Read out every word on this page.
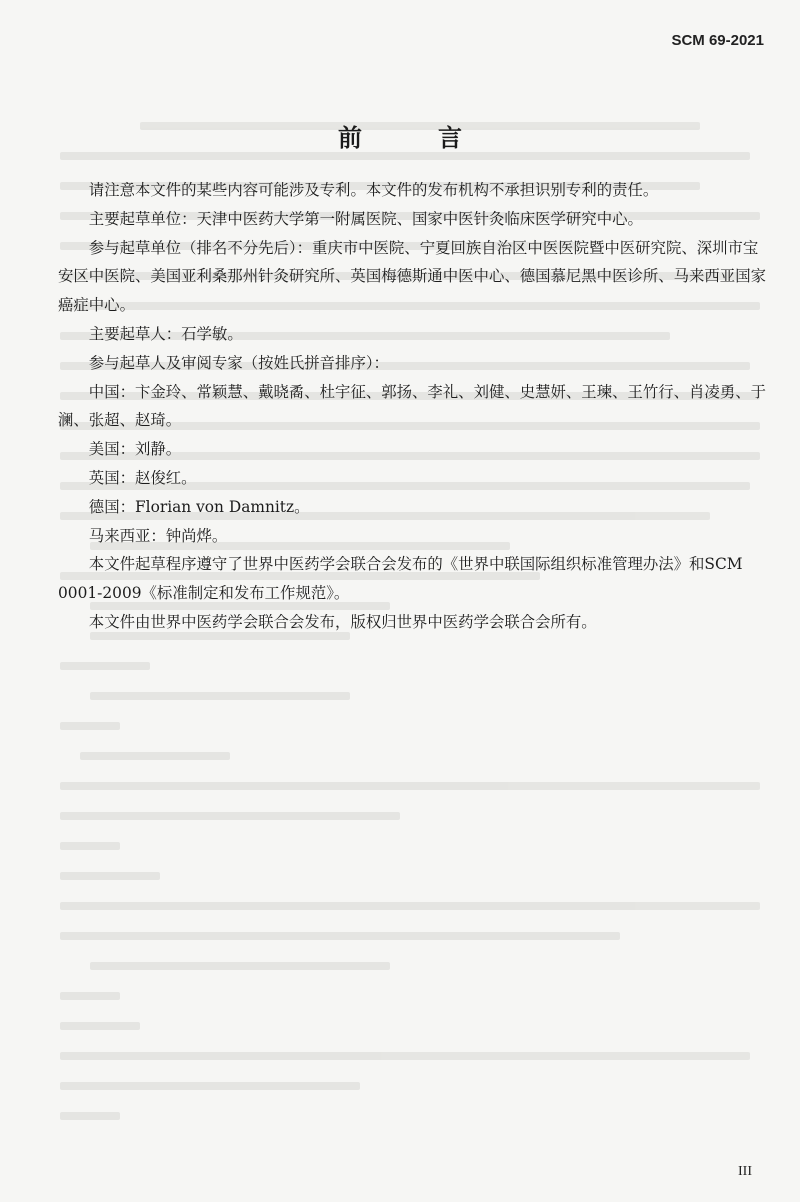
SCM 69-2021
前　言

请注意本文件的某些内容可能涉及专利。本文件的发布机构不承担识别专利的责任。

主要起草单位：天津中医药大学第一附属医院、国家中医针灸临床医学研究中心。

参与起草单位（排名不分先后）：重庆市中医院、宁夏回族自治区中医医院暨中医研究院、深圳市宝安区中医院、美国亚利桑那州针灸研究所、英国梅德斯通中医中心、德国慕尼黑中医诊所、马来西亚国家癌症中心。

主要起草人：石学敏。

参与起草人及审阅专家（按姓氏拼音排序）：

中国：卞金玲、常颖慧、戴晓矞、杜宇征、郭扬、李礼、刘健、史慧妍、王瑓、王竹行、肖凌勇、于澜、张超、赵琦。

美国：刘静。

英国：赵俊红。

德国：Florian von Damnitz。

马来西亚：钟尚烨。

本文件起草程序遵守了世界中医药学会联合会发布的《世界中联国际组织标准管理办法》和SCM 0001-2009《标准制定和发布工作规范》。

本文件由世界中医药学会联合会发布，版权归世界中医药学会联合会所有。

III
